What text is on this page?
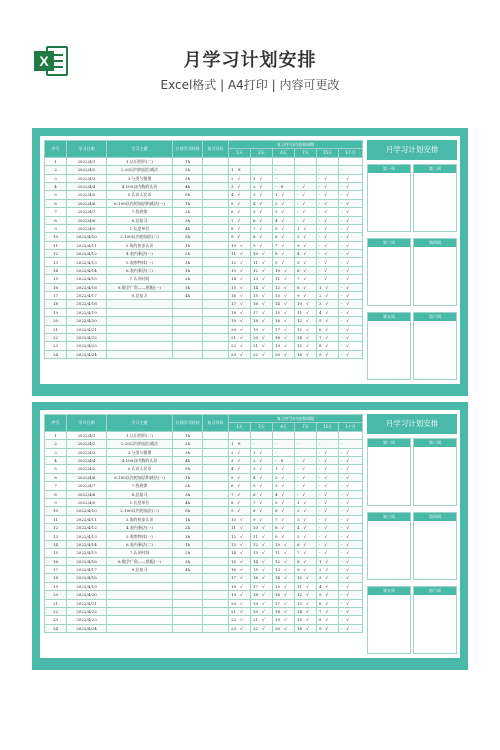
X	月学习计划安排
Excel格式 | A4打印 | 内容可更改
序号	学习日期	学习主题	计划学习时间	复习页码	复习序号/内容和周期					
					1天	2天	4天	7天	15天	1个月
1	2022/4/1	1.认识图形(二)	1h							
2	2022/4/2	2.20以内的退位减法	2h		1 ✕	-	-	-	-	-
3	2022/4/3	3.分类与整理	3h		2 √	1 √	-	-	- √	- √
4	2022/4/4	4.100以内数的认识	4h		3 √	2 √	- ✕	- √	- √	- √
5	2022/4/5	5.认识人民币	5h		4 √	3 √	1 √	- √	- √	- √
6	2022/4/6	6.100以内的加法和减法(一)	1h		5 √	4 √	2 √	- √	- √	- √
7	2022/4/7	7.找规律	2h		6 √	5 √	3 √	- √	- √	- √
8	2022/4/8	8.总复习	3h		7 √	6 √	4 √	- √	- √	- √
9	2022/4/9	1.长度单位	4h		8 √	7 √	5 √	1 √	- √	- √
10	2022/4/10	2.100以内的加法(二)	5h		9 √	8 √	6 √	2 √	- √	- √
11	2022/4/11	3.角的初步认识	1h		10 √	9 √	7 √	3 √	- √	- √
12	2022/4/12	4.表内乘法(一)	2h		11 √	10 √	8 √	4 √	- √	- √
13	2022/4/13	5.观察物体(一)	3h		12 √	11 √	9 √	5 √	- √	- √
14	2022/4/14	6.表内乘法(二)	1h		13 √	12 √	10 √	6 √	- √	- √
15	2022/4/15	7.认识时间	2h		14 √	13 √	11 √	7 √	- √	- √
16	2022/4/16	8.数学广角——搭配(一)	3h		15 √	14 √	12 √	8 √	1 √	- √
17	2022/4/17	9.总复习	4h		16 √	15 √	13 √	9 √	2 √	- √
18	2022/4/18				17 √	16 √	14 √	10 √	3 √	- √
19	2022/4/19				18 √	17 √	15 √	11 √	4 √	- √
20	2022/4/20				19 √	18 √	16 √	12 √	5 √	- √
21	2022/4/21				20 √	19 √	17 √	13 √	6 √	- √
22	2022/4/22				21 √	20 √	18 √	14 √	7 √	- √
23	2022/4/23				22 √	21 √	19 √	15 √	8 √	- √
24	2022/4/24				23 √	22 √	20 √	16 √	9 √	- √
月学习计划安排
第一周	第二周
第三周	第四周
第五周	第六周
序号	学习日期	学习主题	计划学习时间	复习页码	复习序号/内容和周期					
					1天	2天	4天	7天	15天	1个月
1	2022/4/1	1.认识图形(二)	1h							
2	2022/4/2	2.20以内的退位减法	2h		1 ✕	-	-	-	-	-
3	2022/4/3	3.分类与整理	3h		2 √	1 √	-	-	- √	- √
4	2022/4/4	4.100以内数的认识	4h		3 √	2 √	- ✕	- √	- √	- √
5	2022/4/5	5.认识人民币	5h		4 √	3 √	1 √	- √	- √	- √
6	2022/4/6	6.100以内的加法和减法(一)	1h		5 √	4 √	2 √	- √	- √	- √
7	2022/4/7	7.找规律	2h		6 √	5 √	3 √	- √	- √	- √
8	2022/4/8	8.总复习	3h		7 √	6 √	4 √	- √	- √	- √
9	2022/4/9	1.长度单位	4h		8 √	7 √	5 √	1 √	- √	- √
10	2022/4/10	2.100以内的加法(二)	5h		9 √	8 √	6 √	2 √	- √	- √
11	2022/4/11	3.角的初步认识	1h		10 √	9 √	7 √	3 √	- √	- √
12	2022/4/12	4.表内乘法(一)	2h		11 √	10 √	8 √	4 √	- √	- √
13	2022/4/13	5.观察物体(一)	3h		12 √	11 √	9 √	5 √	- √	- √
14	2022/4/14	6.表内乘法(二)	1h		13 √	12 √	10 √	6 √	- √	- √
15	2022/4/15	7.认识时间	2h		14 √	13 √	11 √	7 √	- √	- √
16	2022/4/16	8.数学广角——搭配(一)	3h		15 √	14 √	12 √	8 √	1 √	- √
17	2022/4/17	9.总复习	4h		16 √	15 √	13 √	9 √	2 √	- √
18	2022/4/18				17 √	16 √	14 √	10 √	3 √	- √
19	2022/4/19				18 √	17 √	15 √	11 √	4 √	- √
20	2022/4/20				19 √	18 √	16 √	12 √	5 √	- √
21	2022/4/21				20 √	19 √	17 √	13 √	6 √	- √
22	2022/4/22				21 √	20 √	18 √	14 √	7 √	- √
23	2022/4/23				22 √	21 √	19 √	15 √	8 √	- √
24	2022/4/24				23 √	22 √	20 √	16 √	9 √	- √
月学习计划安排
第一周	第二周
第三周	第四周
第五周	第六周
